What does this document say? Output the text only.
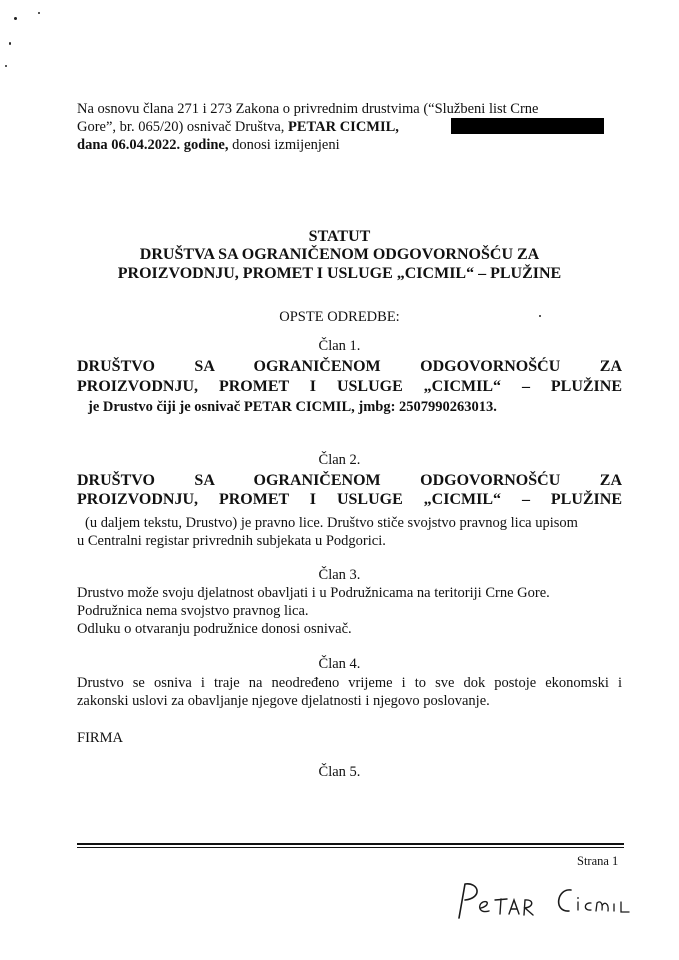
Na osnovu člana 271 i 273 Zakona o privrednim drustvima (“Službeni list Crne
Gore”, br. 065/20) osnivač Društva, PETAR CICMIL,
dana 06.04.2022. godine, donosi izmijenjeni
STATUT
DRUŠTVA SA OGRANIČENOM ODGOVORNOŠĆU ZA
PROIZVODNJU, PROMET I USLUGE „CICMIL“ – PLUŽINE
OPSTE ODREDBE:
Član 1.
DRUŠTVO SA OGRANIČENOM ODGOVORNOŠĆU ZA
PROIZVODNJU, PROMET I USLUGE „CICMIL“ – PLUŽINE
je Drustvo čiji je osnivač PETAR CICMIL, jmbg: 2507990263013.
Član 2.
DRUŠTVO SA OGRANIČENOM ODGOVORNOŠĆU ZA
PROIZVODNJU, PROMET I USLUGE „CICMIL“ – PLUŽINE
(u daljem tekstu, Drustvo) je pravno lice. Društvo stiče svojstvo pravnog lica upisom
u Centralni registar privrednih subjekata u Podgorici.
Član 3.
Drustvo može svoju djelatnost obavljati i u Podružnicama na teritoriji Crne Gore.
Podružnica nema svojstvo pravnog lica.
Odluku o otvaranju podružnice donosi osnivač.
Član 4.
Drustvo se osniva i traje na neodređeno vrijeme i to sve dok postoje ekonomski i
zakonski uslovi za obavljanje njegove djelatnosti i njegovo poslovanje.
FIRMA
Član 5.
Strana 1
